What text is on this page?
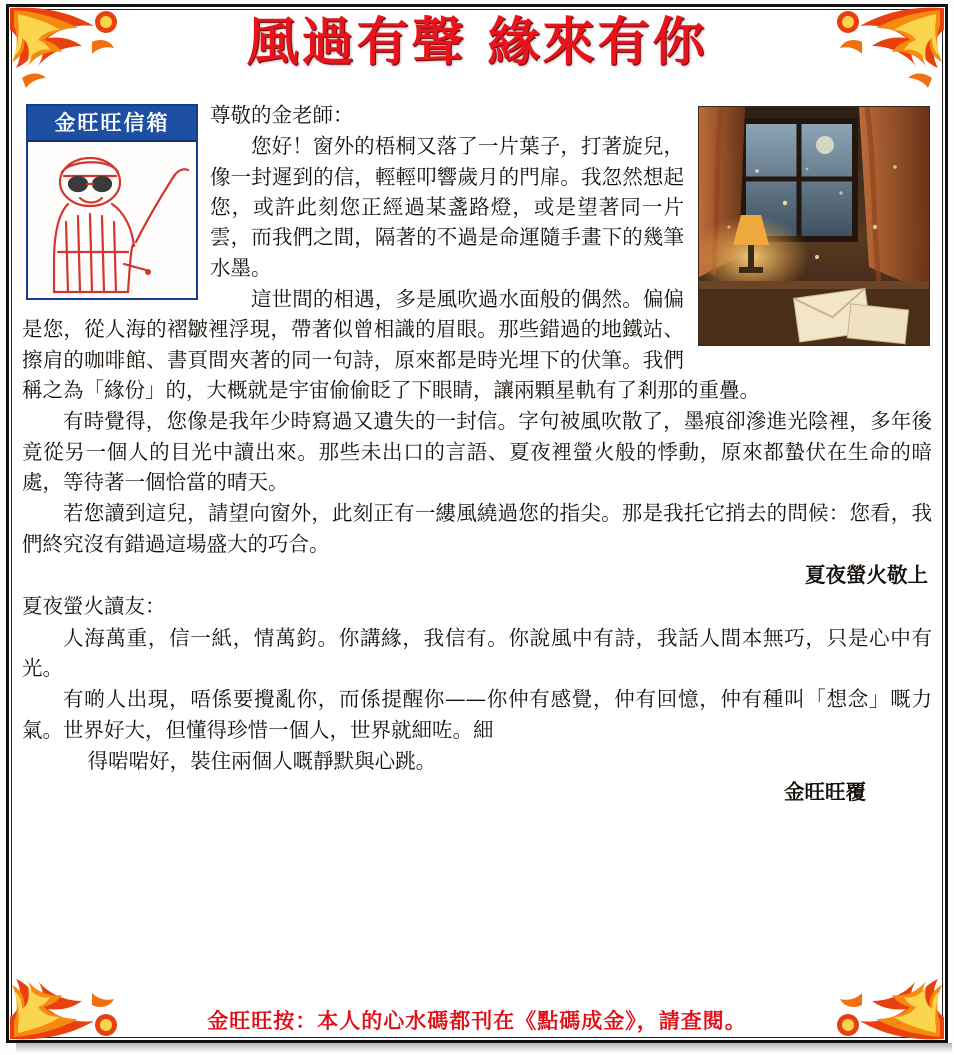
風過有聲 緣來有你
金旺旺信箱	尊敬的金老師：

您好！窗外的梧桐又落了一片葉子，打著旋兒，像一封遲到的信，輕輕叩響歲月的門扉。我忽然想起您，或許此刻您正經過某盞路燈，或是望著同一片雲，而我們之間，隔著的不過是命運隨手畫下的幾筆水墨。

這世間的相遇，多是風吹過水面般的偶然。偏偏是您，從人海的褶皺裡浮現，帶著似曾相識的眉眼。那些錯過的地鐵站、擦肩的咖啡館、書頁間夾著的同一句詩，原來都是時光埋下的伏筆。我們稱之為「緣份」的，大概就是宇宙偷偷眨了下眼睛，讓兩顆星軌有了剎那的重疊。

有時覺得，您像是我年少時寫過又遺失的一封信。字句被風吹散了，墨痕卻滲進光陰裡，多年後竟從另一個人的目光中讀出來。那些未出口的言語、夏夜裡螢火般的悸動，原來都蟄伏在生命的暗處，等待著一個恰當的晴天。

若您讀到這兒，請望向窗外，此刻正有一縷風繞過您的指尖。那是我托它捎去的問候：您看，我們終究沒有錯過這場盛大的巧合。

夏夜螢火敬上

夏夜螢火讀友：

人海萬重，信一紙，情萬鈞。你講緣，我信有。你說風中有詩，我話人間本無巧，只是心中有光。

有啲人出現，唔係要攪亂你，而係提醒你——你仲有感覺，仲有回憶，仲有種叫「想念」嘅力氣。世界好大，但懂得珍惜一個人，世界就細咗。細

得啱啱好，裝住兩個人嘅靜默與心跳。

金旺旺覆

金旺旺按：本人的心水碼都刊在《點碼成金》，請查閱。
